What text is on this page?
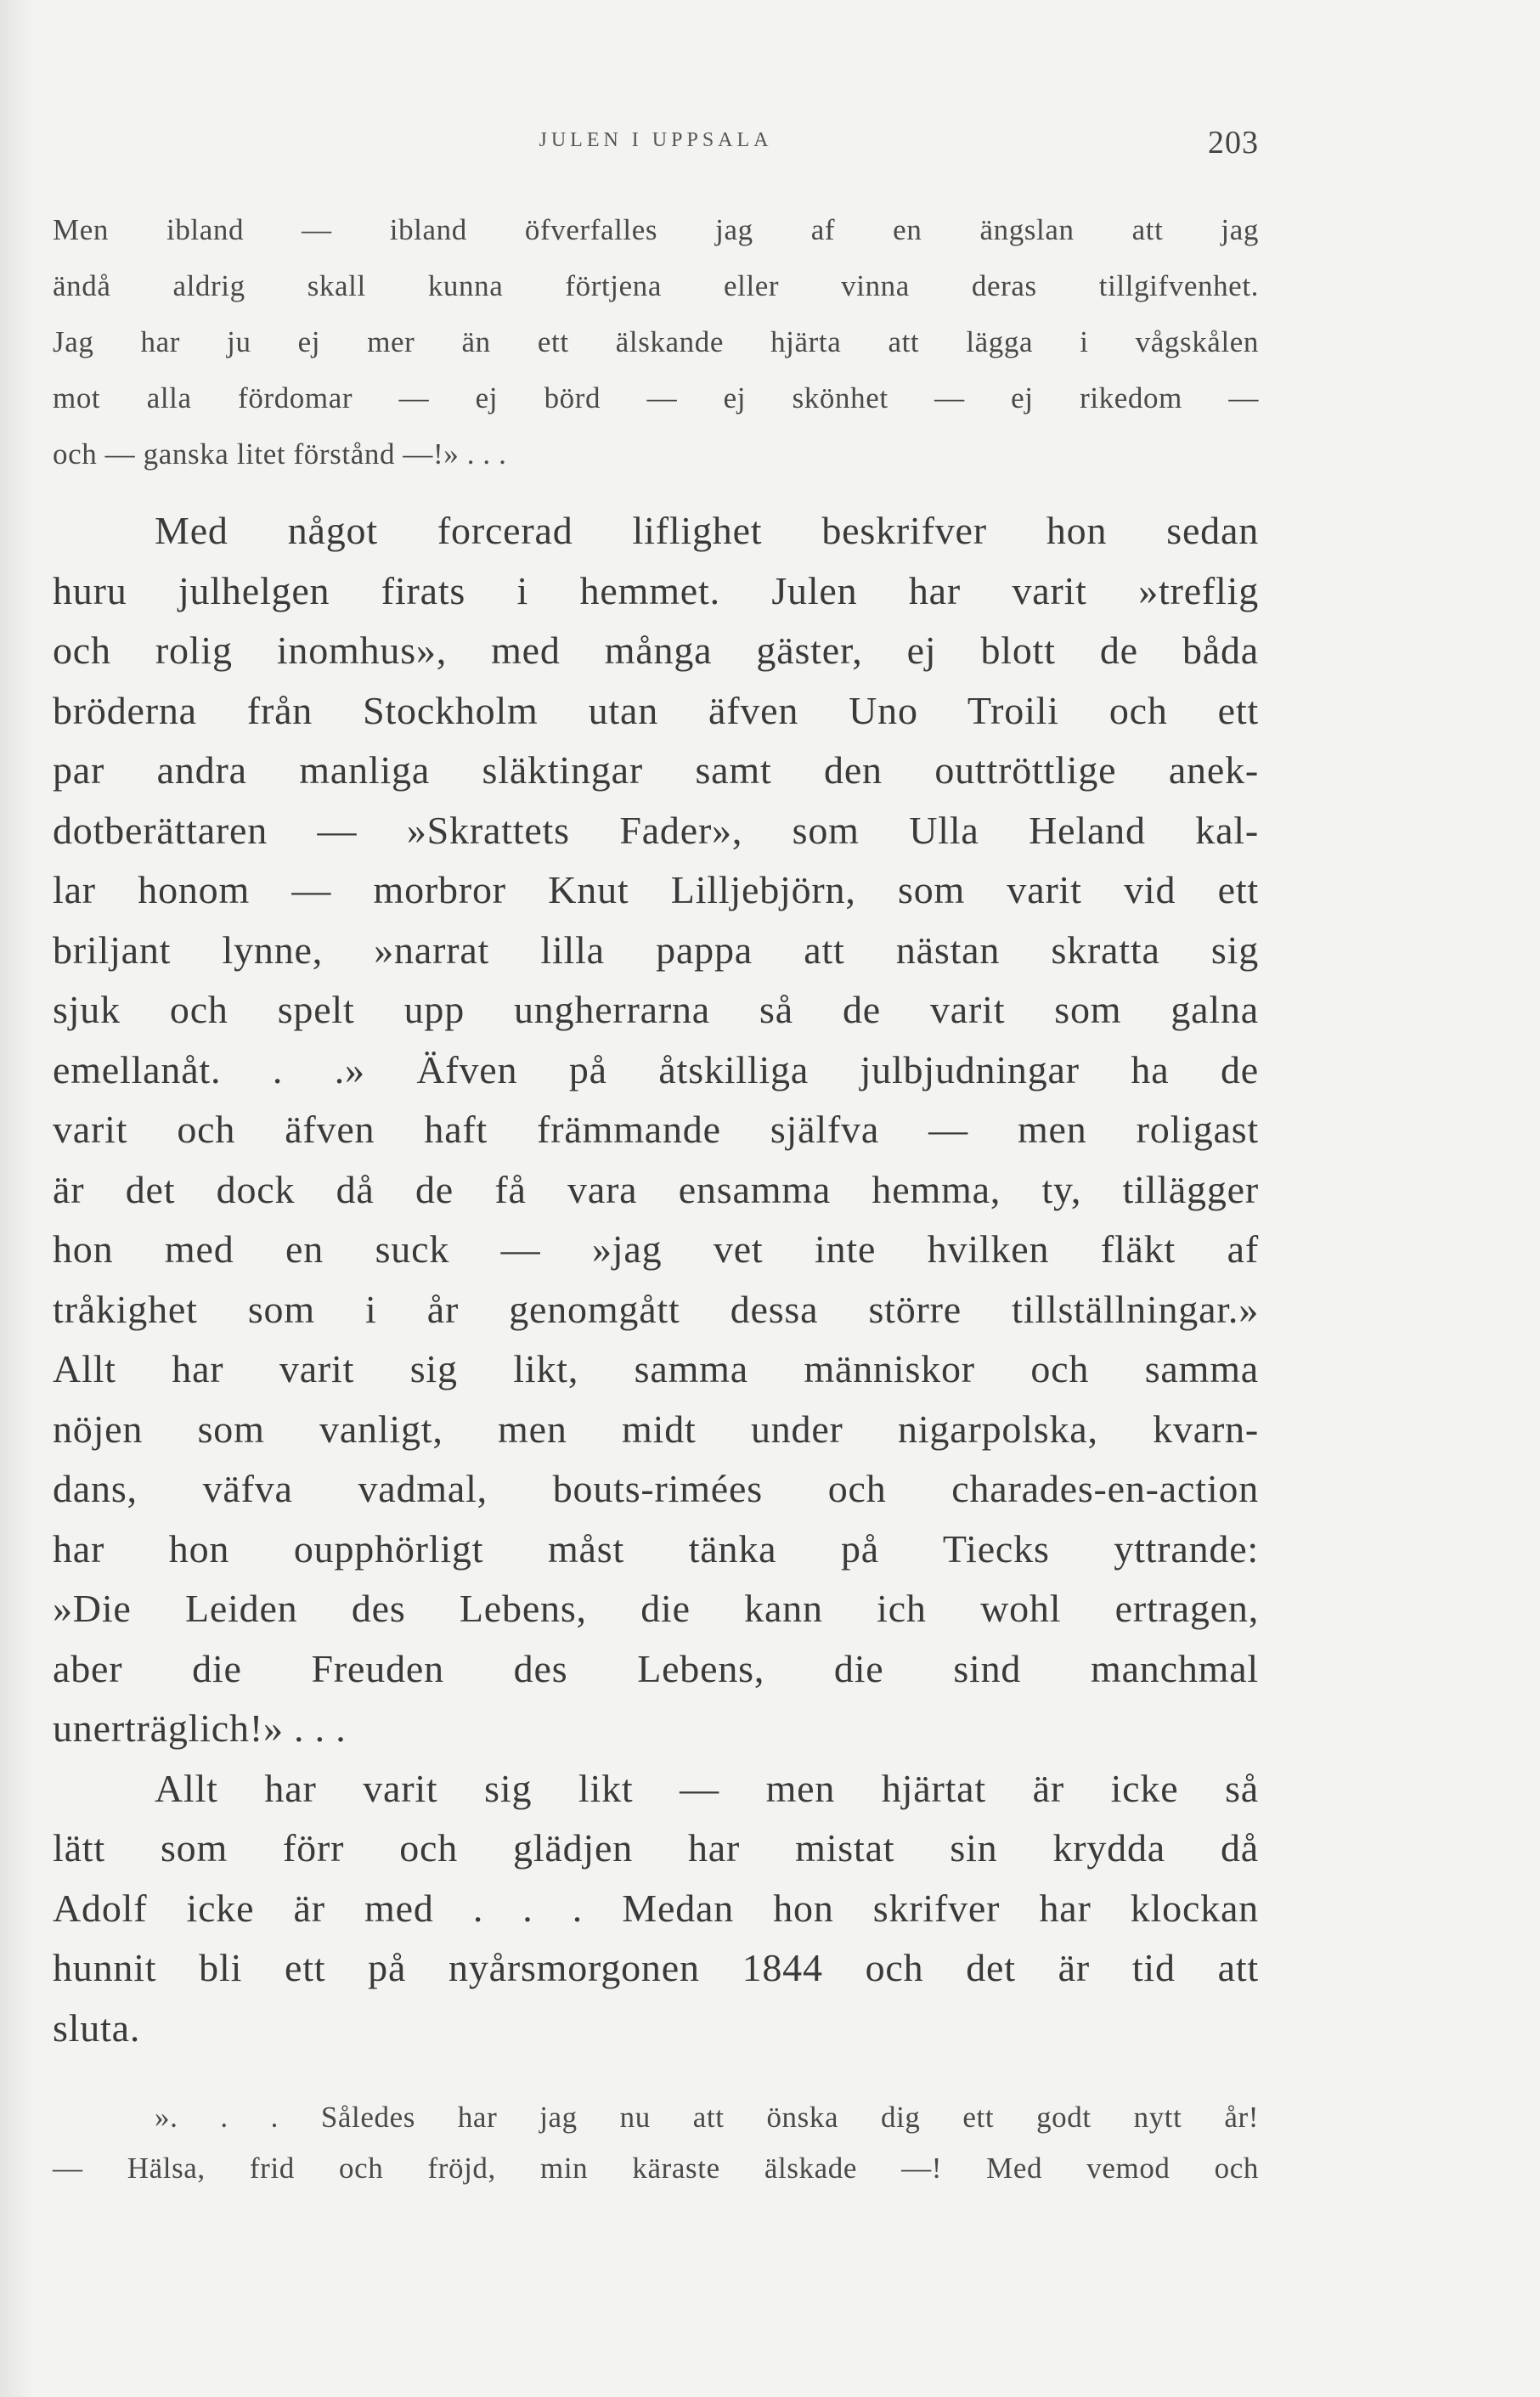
JULEN I UPPSALA	203
Men ibland — ibland öfverfalles jag af en ängslan att jag
ändå aldrig skall kunna förtjena eller vinna deras tillgifvenhet.
Jag har ju ej mer än ett älskande hjärta att lägga i vågskålen
mot alla fördomar — ej börd — ej skönhet — ej rikedom —
och — ganska litet förstånd —!» . . .
Med något forcerad liflighet beskrifver hon sedan
huru julhelgen firats i hemmet. Julen har varit »treflig
och rolig inomhus», med många gäster, ej blott de båda
bröderna från Stockholm utan äfven Uno Troili och ett
par andra manliga släktingar samt den outtröttlige anek-
dotberättaren — »Skrattets Fader», som Ulla Heland kal-
lar honom — morbror Knut Lilljebjörn, som varit vid ett
briljant lynne, »narrat lilla pappa att nästan skratta sig
sjuk och spelt upp ungherrarna så de varit som galna
emellanåt. . .» Äfven på åtskilliga julbjudningar ha de
varit och äfven haft främmande själfva — men roligast
är det dock då de få vara ensamma hemma, ty, tillägger
hon med en suck — »jag vet inte hvilken fläkt af
tråkighet som i år genomgått dessa större tillställningar.»
Allt har varit sig likt, samma människor och samma
nöjen som vanligt, men midt under nigarpolska, kvarn-
dans, väfva vadmal, bouts-rimées och charades-en-action
har hon oupphörligt måst tänka på Tiecks yttrande:
»Die Leiden des Lebens, die kann ich wohl ertragen,
aber die Freuden des Lebens, die sind manchmal
unerträglich!» . . .
Allt har varit sig likt — men hjärtat är icke så
lätt som förr och glädjen har mistat sin krydda då
Adolf icke är med . . . Medan hon skrifver har klockan
hunnit bli ett på nyårsmorgonen 1844 och det är tid att
sluta.
». . . Således har jag nu att önska dig ett godt nytt år!
— Hälsa, frid och fröjd, min käraste älskade —! Med vemod och
